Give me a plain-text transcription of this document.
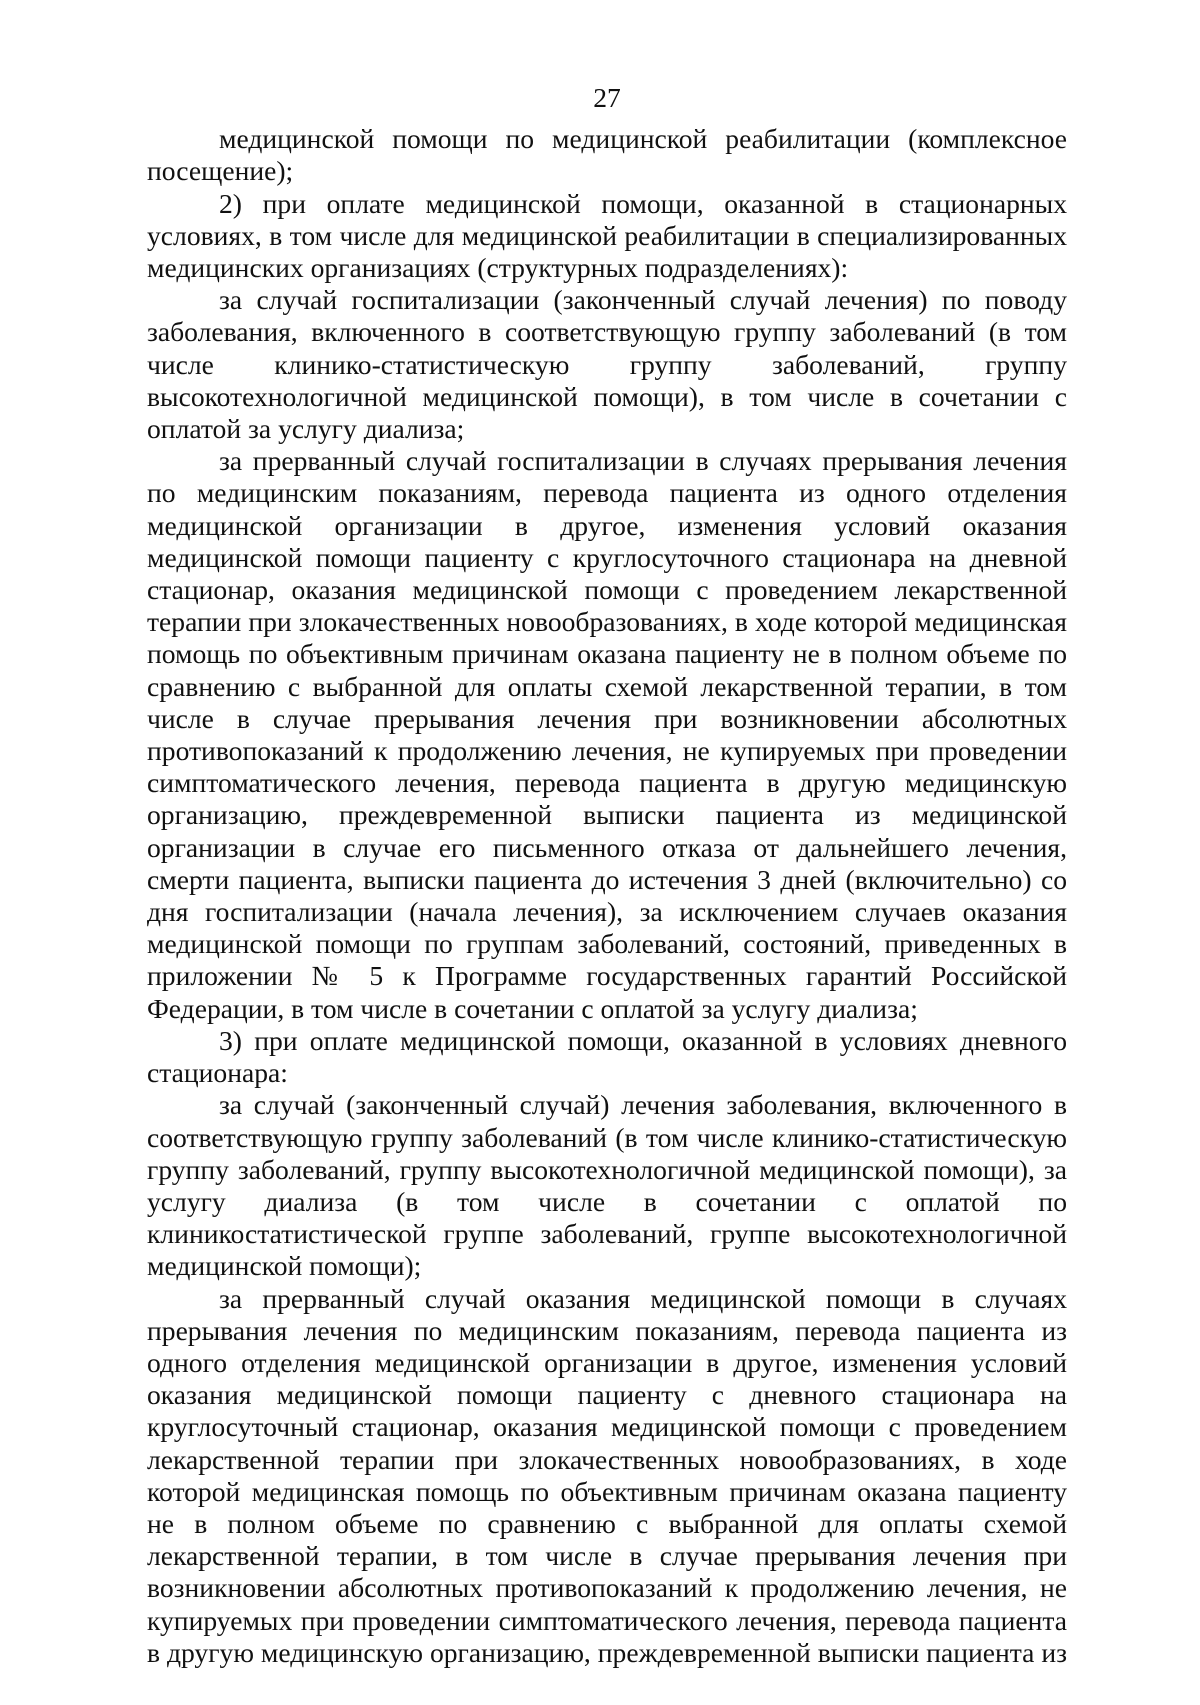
27

медицинской помощи по медицинской реабилитации (комплексное посещение);

2) при оплате медицинской помощи, оказанной в стационарных условиях, в том числе для медицинской реабилитации в специализированных медицинских организациях (структурных подразделениях):

за случай госпитализации (законченный случай лечения) по поводу заболевания, включенного в соответствующую группу заболеваний (в том числе клинико-статистическую группу заболеваний, группу высокотехнологичной медицинской помощи), в том числе в сочетании с оплатой за услугу диализа;

за прерванный случай госпитализации в случаях прерывания лечения по медицинским показаниям, перевода пациента из одного отделения медицинской организации в другое, изменения условий оказания медицинской помощи пациенту с круглосуточного стационара на дневной стационар, оказания медицинской помощи с проведением лекарственной терапии при злокачественных новообразованиях, в ходе которой медицинская помощь по объективным причинам оказана пациенту не в полном объеме по сравнению с выбранной для оплаты схемой лекарственной терапии, в том числе в случае прерывания лечения при возникновении абсолютных противопоказаний к продолжению лечения, не купируемых при проведении симптоматического лечения, перевода пациента в другую медицинскую организацию, преждевременной выписки пациента из медицинской организации в случае его письменного отказа от дальнейшего лечения, смерти пациента, выписки пациента до истечения 3 дней (включительно) со дня госпитализации (начала лечения), за исключением случаев оказания медицинской помощи по группам заболеваний, состояний, приведенных в приложении № 5 к Программе государственных гарантий Российской Федерации, в том числе в сочетании с оплатой за услугу диализа;

3) при оплате медицинской помощи, оказанной в условиях дневного стационара:

за случай (законченный случай) лечения заболевания, включенного в соответствующую группу заболеваний (в том числе клинико-статистическую группу заболеваний, группу высокотехнологичной медицинской помощи), за услугу диализа (в том числе в сочетании с оплатой по клиникостатистической группе заболеваний, группе высокотехнологичной медицинской помощи);

за прерванный случай оказания медицинской помощи в случаях прерывания лечения по медицинским показаниям, перевода пациента из одного отделения медицинской организации в другое, изменения условий оказания медицинской помощи пациенту с дневного стационара на круглосуточный стационар, оказания медицинской помощи с проведением лекарственной терапии при злокачественных новообразованиях, в ходе которой медицинская помощь по объективным причинам оказана пациенту не в полном объеме по сравнению с выбранной для оплаты схемой лекарственной терапии, в том числе в случае прерывания лечения при возникновении абсолютных противопоказаний к продолжению лечения, не купируемых при проведении симптоматического лечения, перевода пациента в другую медицинскую организацию, преждевременной выписки пациента из
